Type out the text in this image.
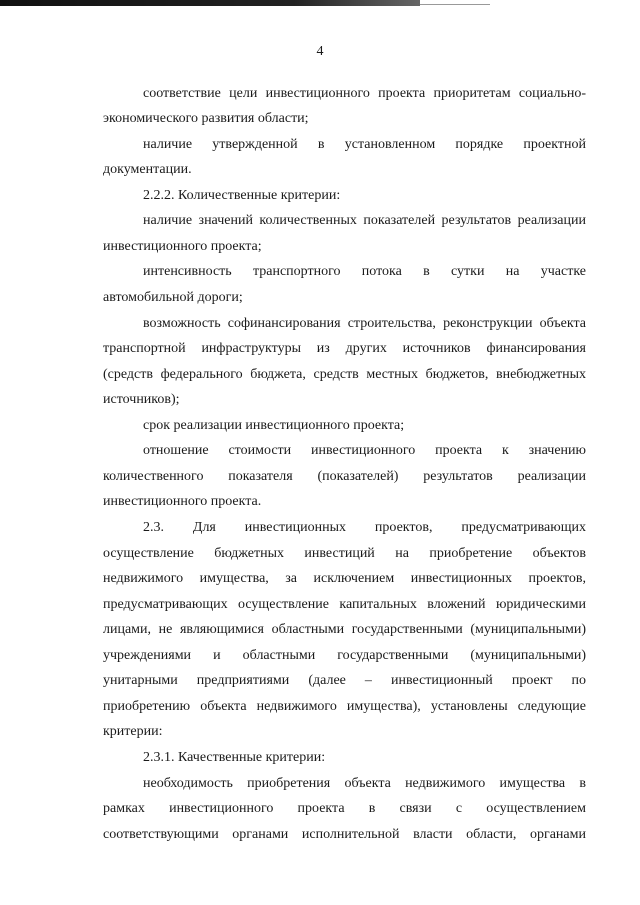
4
соответствие цели инвестиционного проекта приоритетам социально-
экономического развития области;
наличие утвержденной в установленном порядке проектной
документации.
2.2.2. Количественные критерии:
наличие значений количественных показателей результатов реализации
инвестиционного проекта;
интенсивность транспортного потока в сутки на участке
автомобильной дороги;
возможность софинансирования строительства, реконструкции объекта
транспортной инфраструктуры из других источников финансирования
(средств федерального бюджета, средств местных бюджетов, внебюджетных
источников);
срок реализации инвестиционного проекта;
отношение стоимости инвестиционного проекта к значению
количественного показателя (показателей) результатов реализации
инвестиционного проекта.
2.3. Для инвестиционных проектов, предусматривающих
осуществление бюджетных инвестиций на приобретение объектов
недвижимого имущества, за исключением инвестиционных проектов,
предусматривающих осуществление капитальных вложений юридическими
лицами, не являющимися областными государственными (муниципальными)
учреждениями и областными государственными (муниципальными)
унитарными предприятиями (далее – инвестиционный проект по
приобретению объекта недвижимого имущества), установлены следующие
критерии:
2.3.1. Качественные критерии:
необходимость приобретения объекта недвижимого имущества в
рамках инвестиционного проекта в связи с осуществлением
соответствующими органами исполнительной власти области, органами
